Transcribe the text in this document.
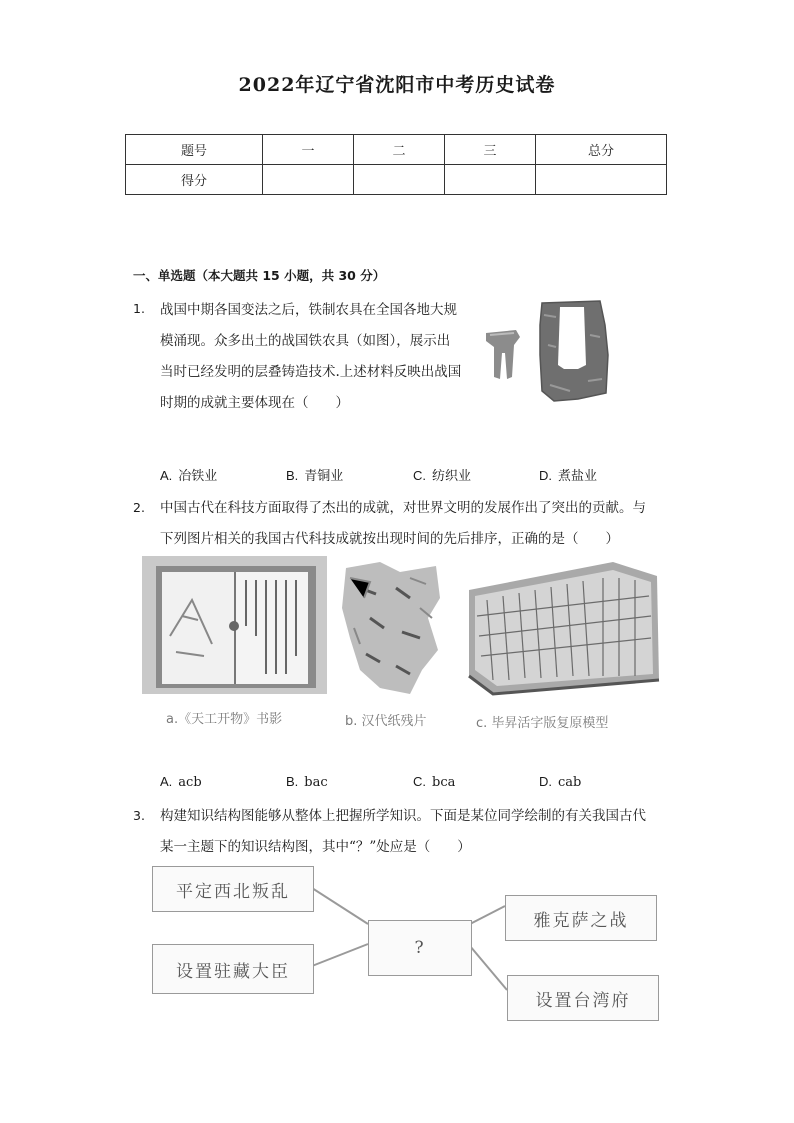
2022年辽宁省沈阳市中考历史试卷
题号	一	二	三	总分
得分				
一、单选题（本大题共 15 小题，共 30 分）
1. 战国中期各国变法之后，铁制农具在全国各地大规
模涌现。众多出土的战国铁农具（如图），展示出
当时已经发明的层叠铸造技术.上述材料反映出战国
时期的成就主要体现在（　　）
A. 冶铁业	B. 青铜业	C. 纺织业	D. 煮盐业
2. 中国古代在科技方面取得了杰出的成就，对世界文明的发展作出了突出的贡献。与
下列图片相关的我国古代科技成就按出现时间的先后排序，正确的是（　　）
a.《天工开物》书影	b. 汉代纸残片	c. 毕昇活字版复原模型
A. acb	B. bac	C. bca	D. cab
3. 构建知识结构图能够从整体上把握所学知识。下面是某位同学绘制的有关我国古代
某一主题下的知识结构图，其中“？”处应是（　　）
平定西北叛乱
设置驻藏大臣
?
雅克萨之战
设置台湾府
